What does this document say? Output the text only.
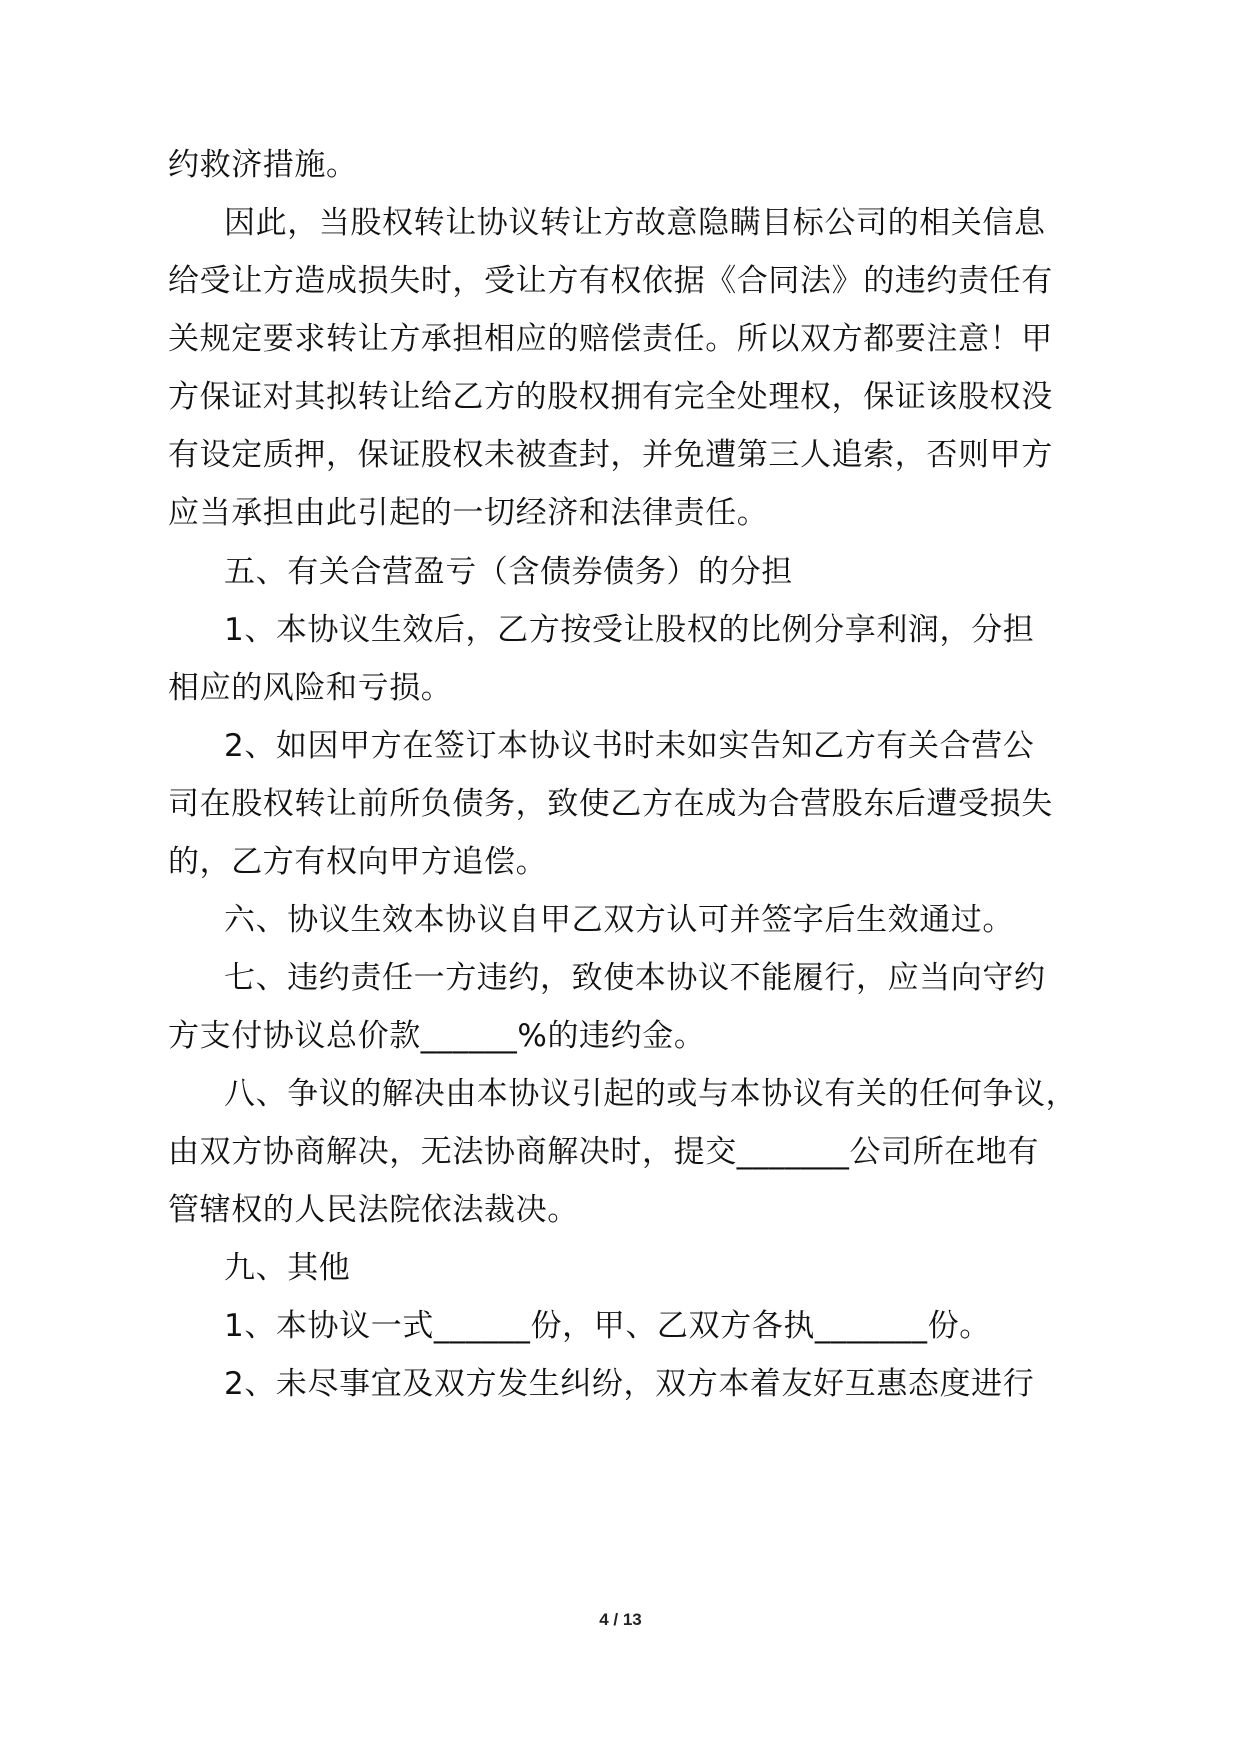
约救济措施。

因此，当股权转让协议转让方故意隐瞒目标公司的相关信息

给受让方造成损失时，受让方有权依据《合同法》的违约责任有

关规定要求转让方承担相应的赔偿责任。所以双方都要注意！甲

方保证对其拟转让给乙方的股权拥有完全处理权，保证该股权没

有设定质押，保证股权未被查封，并免遭第三人追索，否则甲方

应当承担由此引起的一切经济和法律责任。

五、有关合营盈亏（含债券债务）的分担

1、本协议生效后，乙方按受让股权的比例分享利润，分担

相应的风险和亏损。

2、如因甲方在签订本协议书时未如实告知乙方有关合营公

司在股权转让前所负债务，致使乙方在成为合营股东后遭受损失

的，乙方有权向甲方追偿。

六、协议生效本协议自甲乙双方认可并签字后生效通过。

七、违约责任一方违约，致使本协议不能履行，应当向守约

方支付协议总价款______%的违约金。

八、争议的解决由本协议引起的或与本协议有关的任何争议，

由双方协商解决，无法协商解决时，提交_______公司所在地有

管辖权的人民法院依法裁决。

九、其他

1、本协议一式______份，甲、乙双方各执_______份。

2、未尽事宜及双方发生纠纷，双方本着友好互惠态度进行

4 / 13
